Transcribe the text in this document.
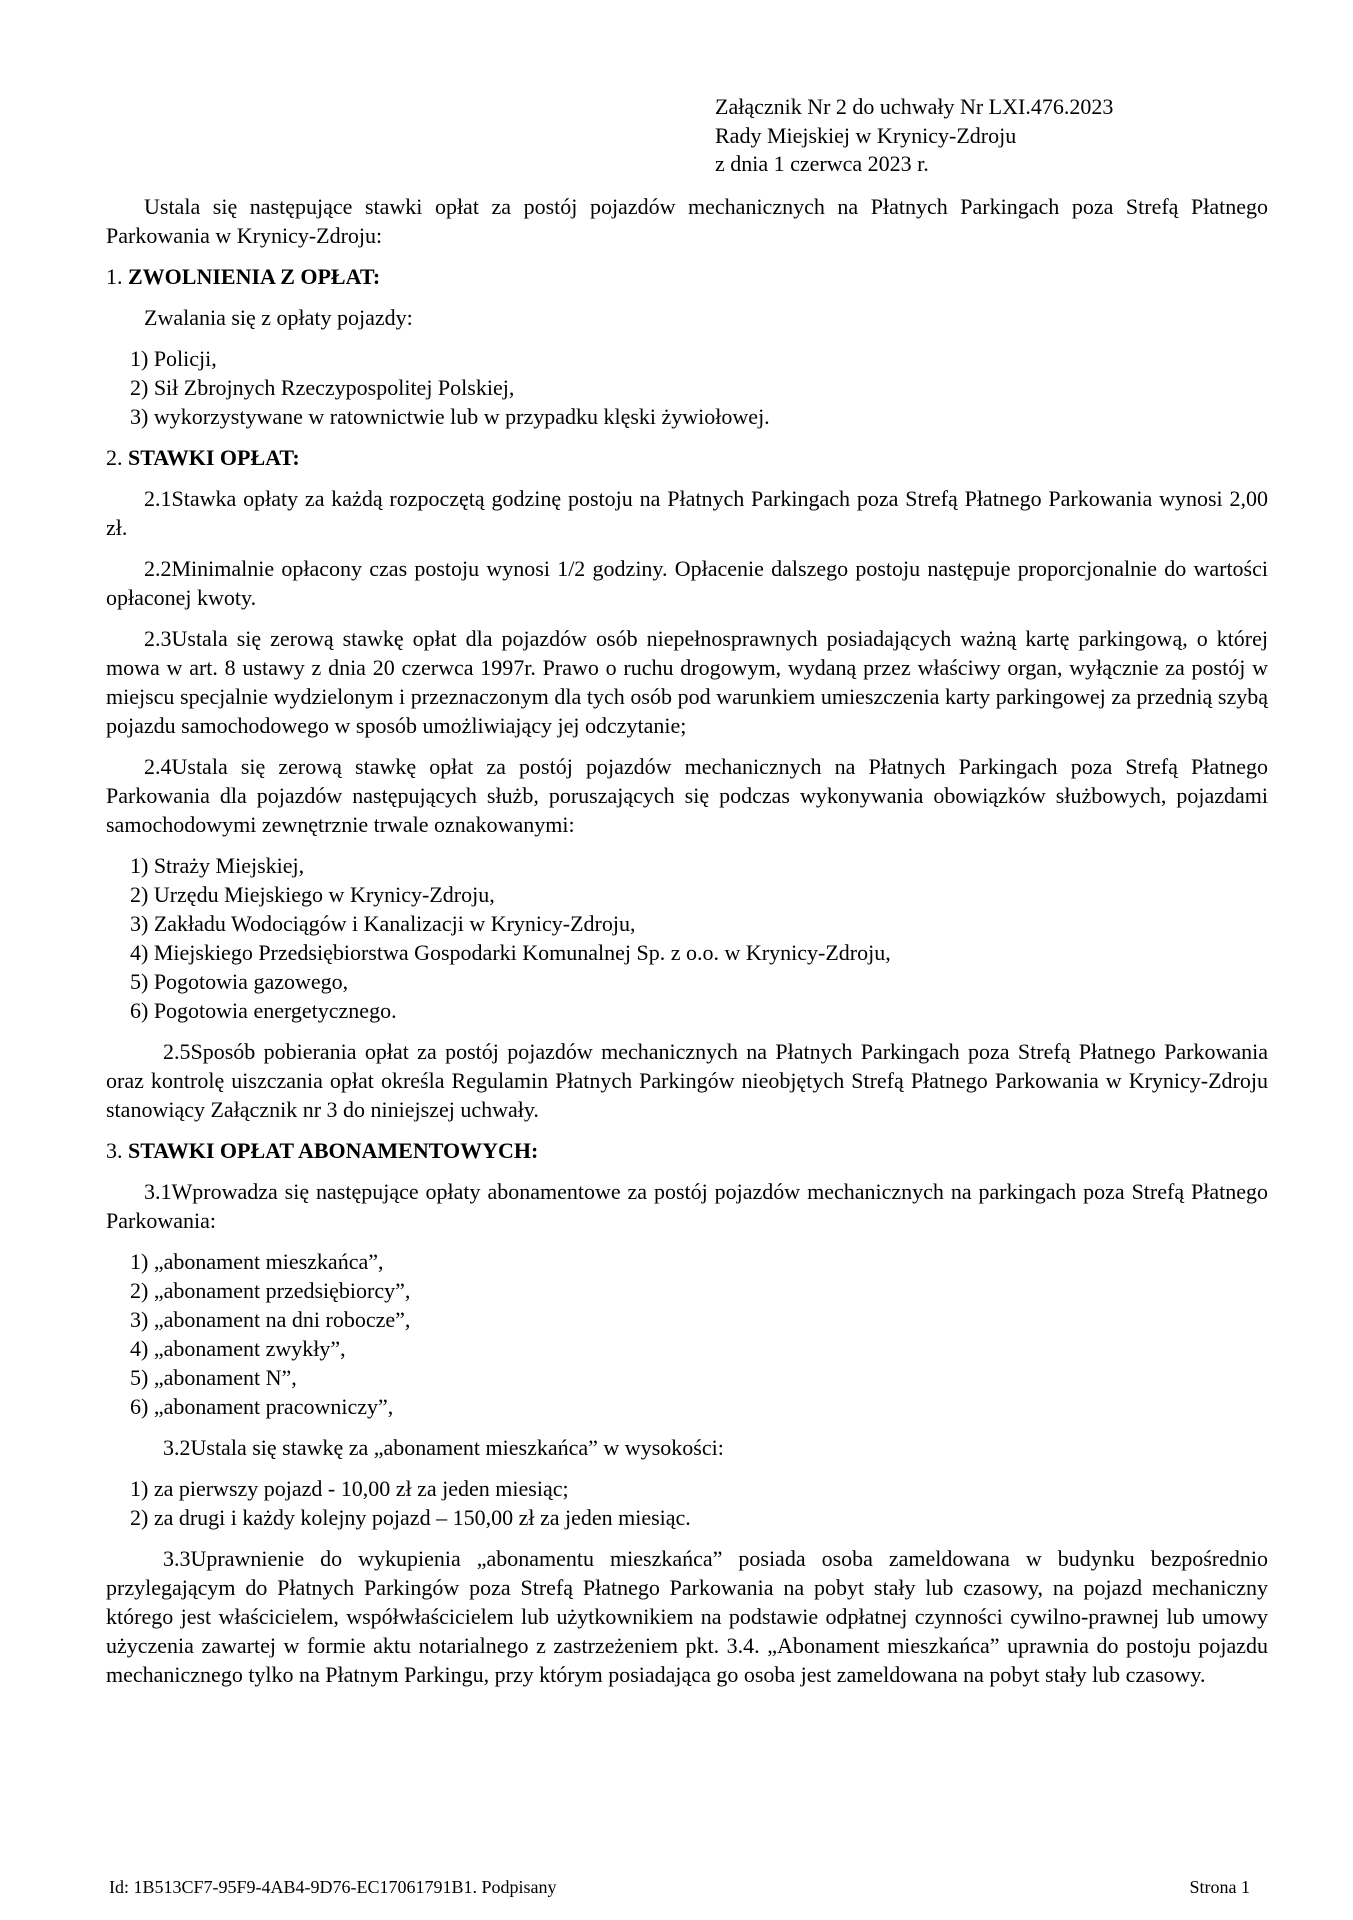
Załącznik Nr 2 do uchwały Nr LXI.476.2023
Rady Miejskiej w Krynicy-Zdroju
z dnia 1 czerwca 2023 r.

Ustala się następujące stawki opłat za postój pojazdów mechanicznych na Płatnych Parkingach poza Strefą Płatnego Parkowania w Krynicy-Zdroju:

1. ZWOLNIENIA Z OPŁAT:
Zwalania się z opłaty pojazdy:
1) Policji,
2) Sił Zbrojnych Rzeczypospolitej Polskiej,
3) wykorzystywane w ratownictwie lub w przypadku klęski żywiołowej.
2. STAWKI OPŁAT:

2.1Stawka opłaty za każdą rozpoczętą godzinę postoju na Płatnych Parkingach poza Strefą Płatnego Parkowania wynosi 2,00 zł.

2.2Minimalnie opłacony czas postoju wynosi 1/2 godziny. Opłacenie dalszego postoju następuje proporcjonalnie do wartości opłaconej kwoty.

2.3Ustala się zerową stawkę opłat dla pojazdów osób niepełnosprawnych posiadających ważną kartę parkingową, o której mowa w art. 8 ustawy z dnia 20 czerwca 1997r. Prawo o ruchu drogowym, wydaną przez właściwy organ, wyłącznie za postój w miejscu specjalnie wydzielonym i przeznaczonym dla tych osób pod warunkiem umieszczenia karty parkingowej za przednią szybą pojazdu samochodowego w sposób umożliwiający jej odczytanie;

2.4Ustala się zerową stawkę opłat za postój pojazdów mechanicznych na Płatnych Parkingach poza Strefą Płatnego Parkowania dla pojazdów następujących służb, poruszających się podczas wykonywania obowiązków służbowych, pojazdami samochodowymi zewnętrznie trwale oznakowanymi:

1) Straży Miejskiej,
2) Urzędu Miejskiego w Krynicy-Zdroju,
3) Zakładu Wodociągów i Kanalizacji w Krynicy-Zdroju,
4) Miejskiego Przedsiębiorstwa Gospodarki Komunalnej Sp. z o.o. w Krynicy-Zdroju,
5) Pogotowia gazowego,
6) Pogotowia energetycznego.

2.5Sposób pobierania opłat za postój pojazdów mechanicznych na Płatnych Parkingach poza Strefą Płatnego Parkowania oraz kontrolę uiszczania opłat określa Regulamin Płatnych Parkingów nieobjętych Strefą Płatnego Parkowania w Krynicy-Zdroju stanowiący Załącznik nr 3 do niniejszej uchwały.

3. STAWKI OPŁAT ABONAMENTOWYCH:

3.1Wprowadza się następujące opłaty abonamentowe za postój pojazdów mechanicznych na parkingach poza Strefą Płatnego Parkowania:

1) „abonament mieszkańca”,
2) „abonament przedsiębiorcy”,
3) „abonament na dni robocze”,
4) „abonament zwykły”,
5) „abonament N”,
6) „abonament pracowniczy”,
3.2Ustala się stawkę za „abonament mieszkańca” w wysokości:
1) za pierwszy pojazd - 10,00 zł za jeden miesiąc;
2) za drugi i każdy kolejny pojazd – 150,00 zł za jeden miesiąc.

3.3Uprawnienie do wykupienia „abonamentu mieszkańca” posiada osoba zameldowana w budynku bezpośrednio przylegającym do Płatnych Parkingów poza Strefą Płatnego Parkowania na pobyt stały lub czasowy, na pojazd mechaniczny którego jest właścicielem, współwłaścicielem lub użytkownikiem na podstawie odpłatnej czynności cywilno-prawnej lub umowy użyczenia zawartej w formie aktu notarialnego z zastrzeżeniem pkt. 3.4. „Abonament mieszkańca” uprawnia do postoju pojazdu mechanicznego tylko na Płatnym Parkingu, przy którym posiadająca go osoba jest zameldowana na pobyt stały lub czasowy.

Id: 1B513CF7-95F9-4AB4-9D76-EC17061791B1. Podpisany	Strona 1
